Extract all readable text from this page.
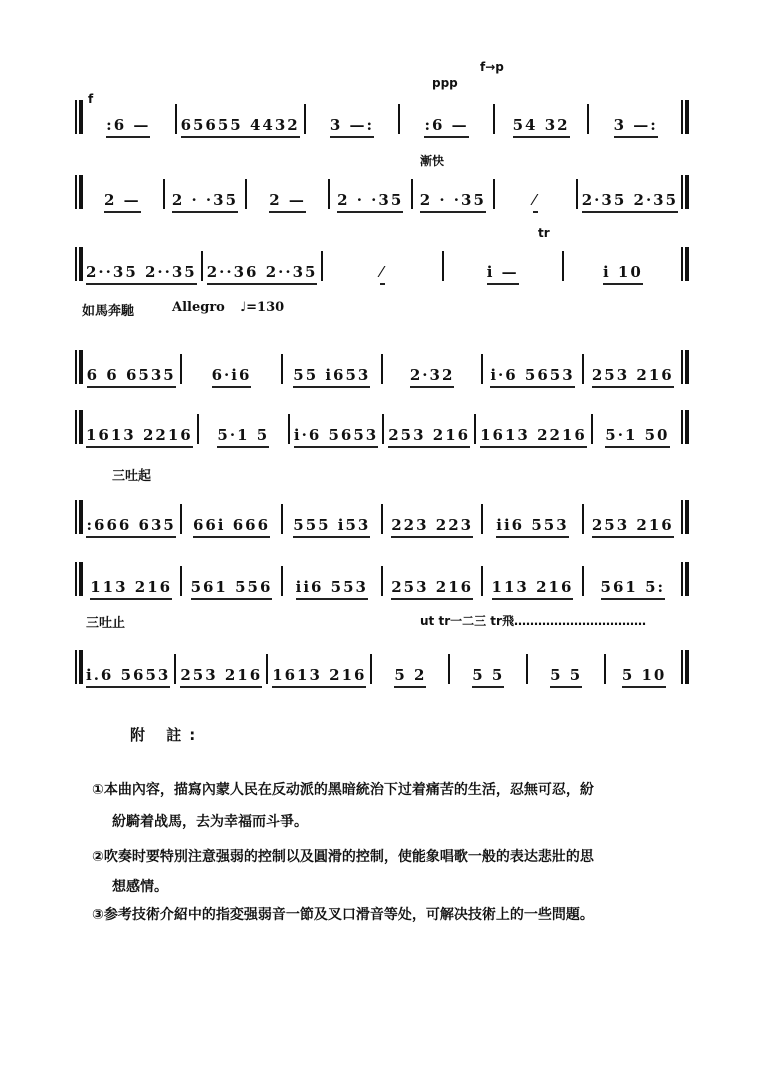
f
ppp
f→p
漸快
tr
如馬奔馳	Allegro ♩=130
三吐起
三吐止	ut tr一二三 tr飛……………………………
:6 —	65655 4432	3 —:	:6 —	54 32	3 —:
2 —	2 · ·35	2 —	2 · ·35 2 · ·35	⁄	2·35 2·35
2··35 2··35 2··36 2··35	⁄	i —	i 10
6 6 6535	6·i6	55 i653	2·32	i·6 5653 253 216
1613 2216	5·1 5	i·6 5653 253 216 1613 2216	5·1 50
:666 635	66i 666	555 i53	223 223	ii6 553	253 216
113 216 561 556	ii6 553	253 216 113 216	561 5:
i.6 5653 253 216 1613 216	5 2	5 5	5 5	5 10
附 註:
①本曲內容，描寫內蒙人民在反动派的黑暗統治下过着痛苦的生活，忍無可忍，紛
紛騎着战馬，去为幸福而斗爭。
②吹奏时要特別注意强弱的控制以及圓滑的控制，使能象唱歌一般的表达悲壯的思
想感情。
③参考技術介紹中的指変强弱音一節及叉口滑音等处，可解决技術上的一些問題。
